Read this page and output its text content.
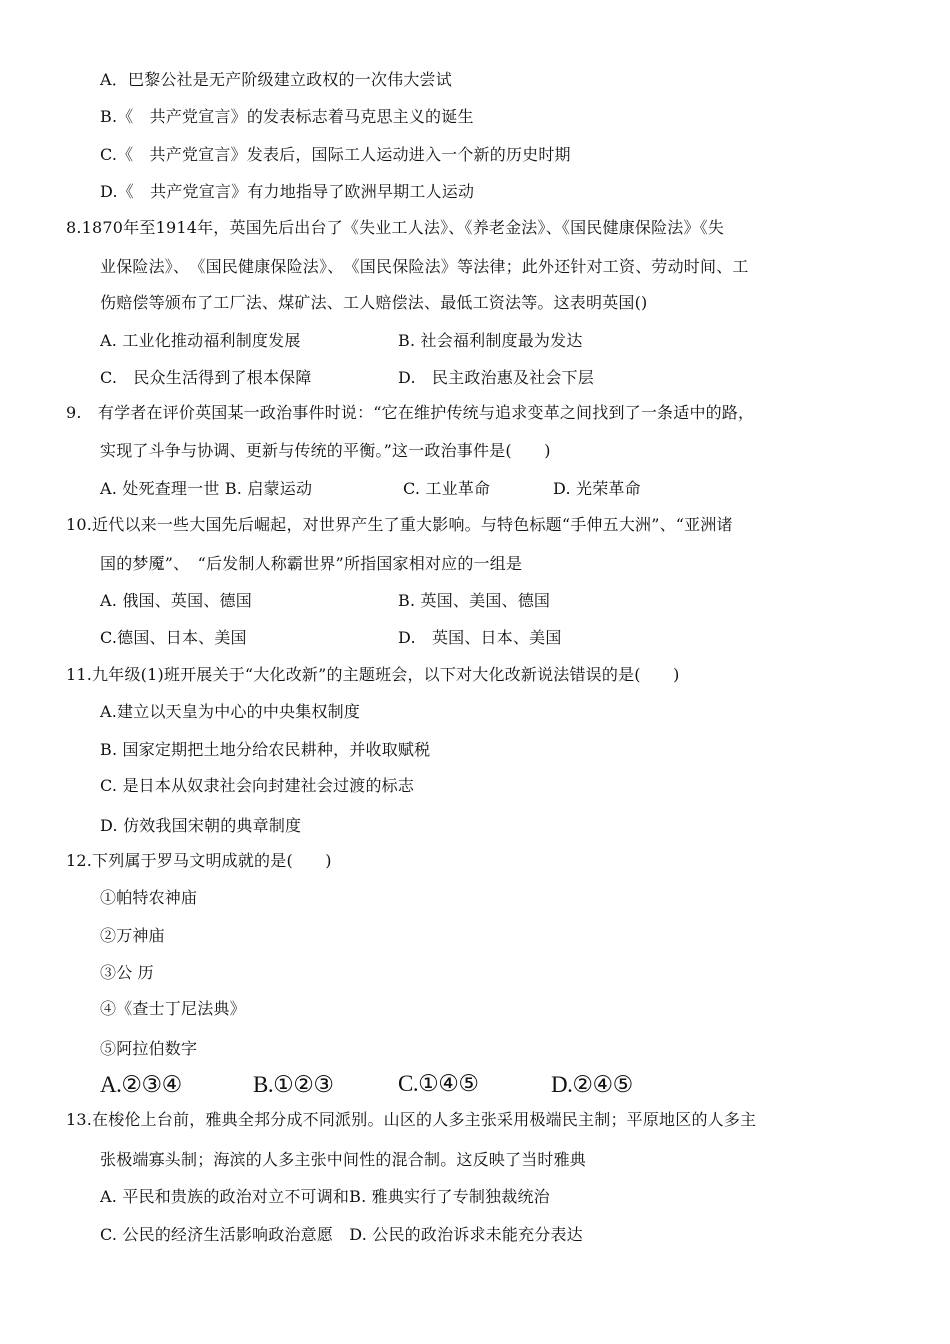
A．巴黎公社是无产阶级建立政权的一次伟大尝试
B.《　共产党宣言》的发表标志着马克思主义的诞生
C.《　共产党宣言》发表后，国际工人运动进入一个新的历史时期
D.《　共产党宣言》有力地指导了欧洲早期工人运动
8.1870年至1914年，英国先后出台了《失业工人法》、《养老金法》、《国民健康保险法》《失
业保险法》、　《国民健康保险法》、　《国民保险法》等法律；此外还针对工资、劳动时间、工
伤赔偿等颁布了工厂法、煤矿法、工人赔偿法、最低工资法等。这表明英国()
A. 工业化推动福利制度发展	B. 社会福利制度最为发达
C.　民众生活得到了根本保障	D.　民主政治惠及社会下层
9.　有学者在评价英国某一政治事件时说：“它在维护传统与追求变革之间找到了一条适中的路，
实现了斗争与协调、更新与传统的平衡。”这一政治事件是(　　)
A. 处死查理一世 B. 启蒙运动	C. 工业革命	D. 光荣革命
10.近代以来一些大国先后崛起，对世界产生了重大影响。与特色标题“手伸五大洲”、“亚洲诸
国的梦魇”、　“后发制人称霸世界”所指国家相对应的一组是
A. 俄国、英国、德国	B. 英国、美国、德国
C.德国、日本、美国	D.　英国、日本、美国
11.九年级(1)班开展关于“大化改新”的主题班会，以下对大化改新说法错误的是(　　)
A.建立以天皇为中心的中央集权制度
B. 国家定期把土地分给农民耕种，并收取赋税
C. 是日本从奴隶社会向封建社会过渡的标志
D. 仿效我国宋朝的典章制度
12.下列属于罗马文明成就的是(　　)
①帕特农神庙
②万神庙
③公 历
④《查士丁尼法典》
⑤阿拉伯数字
A.②③④	B.①②③	C.①④⑤	D.②④⑤
13.在梭伦上台前，雅典全邦分成不同派别。山区的人多主张采用极端民主制；平原地区的人多主
张极端寡头制；海滨的人多主张中间性的混合制。这反映了当时雅典
A. 平民和贵族的政治对立不可调和B. 雅典实行了专制独裁统治
C. 公民的经济生活影响政治意愿　D. 公民的政治诉求未能充分表达
